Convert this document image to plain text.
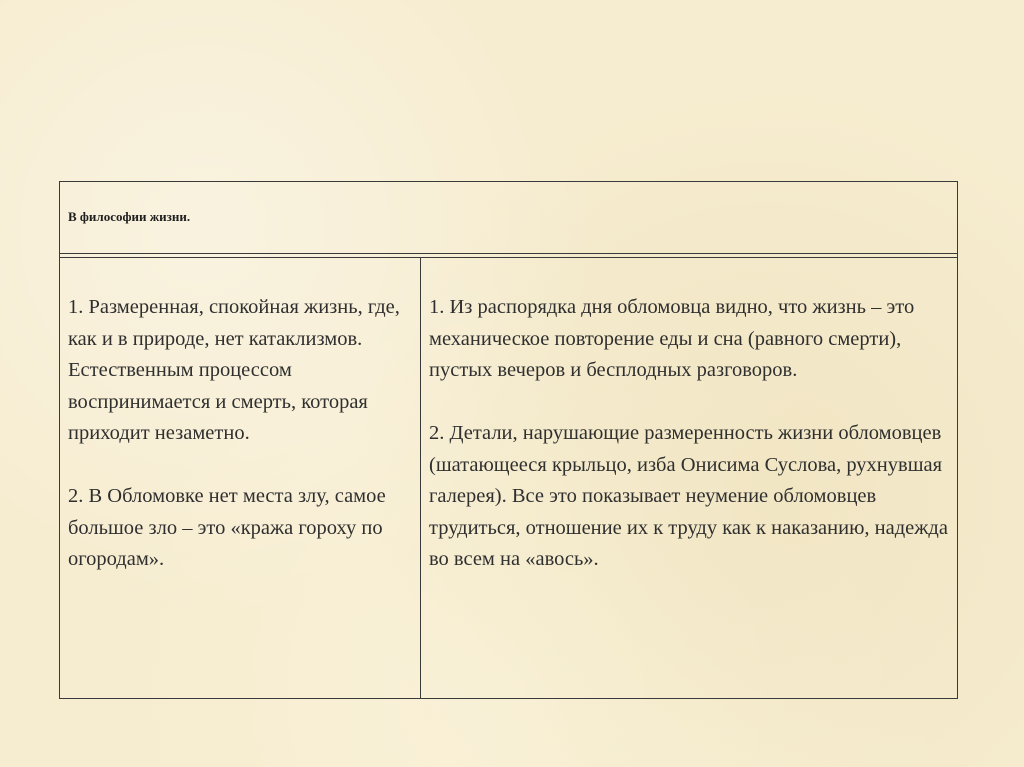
В философии жизни.

1. Размеренная, спокойная жизнь, где, как и в природе, нет катаклизмов. Естественным процессом воспринимается и смерть, которая приходит незаметно.

2. В Обломовке нет места злу, самое большое зло – это «кража гороху по огородам».

1. Из распорядка дня обломовца видно, что жизнь – это механическое повторение еды и сна (равного смерти), пустых вечеров и бесплодных разговоров.

2. Детали, нарушающие размеренность жизни обломовцев (шатающееся крыльцо, изба Онисима Суслова, рухнувшая галерея). Все это показывает неумение обломовцев трудиться, отношение их к труду как к наказанию, надежда во всем на «авось».
